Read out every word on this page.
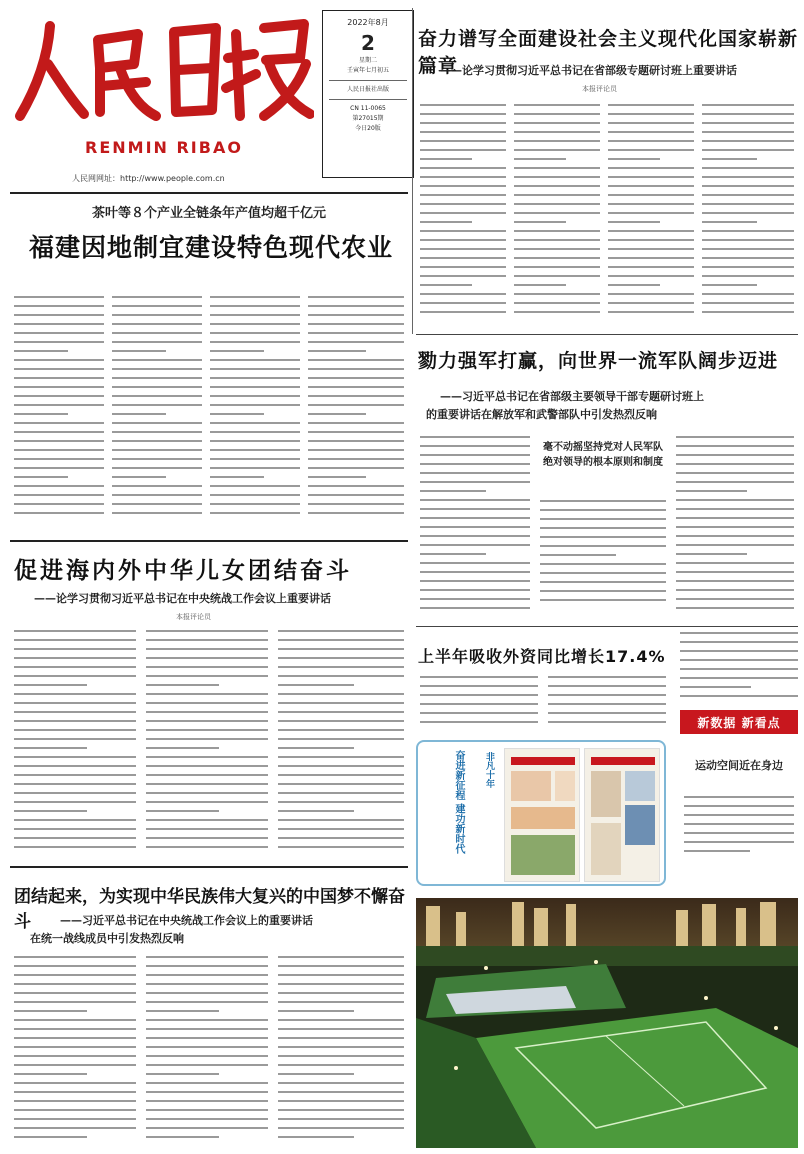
RENMIN RIBAO
人民网网址：http://www.people.com.cn
2022年8月
2
星期二
壬寅年七月初五
人民日报社出版
CN 11-0065
第27015期
今日20版
奋力谱写全面建设社会主义现代化国家崭新篇章
——论学习贯彻习近平总书记在省部级专题研讨班上重要讲话
本报评论员
茶叶等８个产业全链条年产值均超千亿元
福建因地制宜建设特色现代农业
勠力强军打赢，向世界一流军队阔步迈进
——习近平总书记在省部级主要领导干部专题研讨班上
的重要讲话在解放军和武警部队中引发热烈反响
毫不动摇坚持党对人民军队绝对领导的根本原则和制度
促进海内外中华儿女团结奋斗
——论学习贯彻习近平总书记在中央统战工作会议上重要讲话
本报评论员
上半年吸收外资同比增长17.4%
新数据 新看点
奋进新征程 建功新时代	非凡十年	运动空间近在身边
团结起来，为实现中华民族伟大复兴的中国梦不懈奋斗	——习近平总书记在中央统战工作会议上的重要讲话
在统一战线成员中引发热烈反响
